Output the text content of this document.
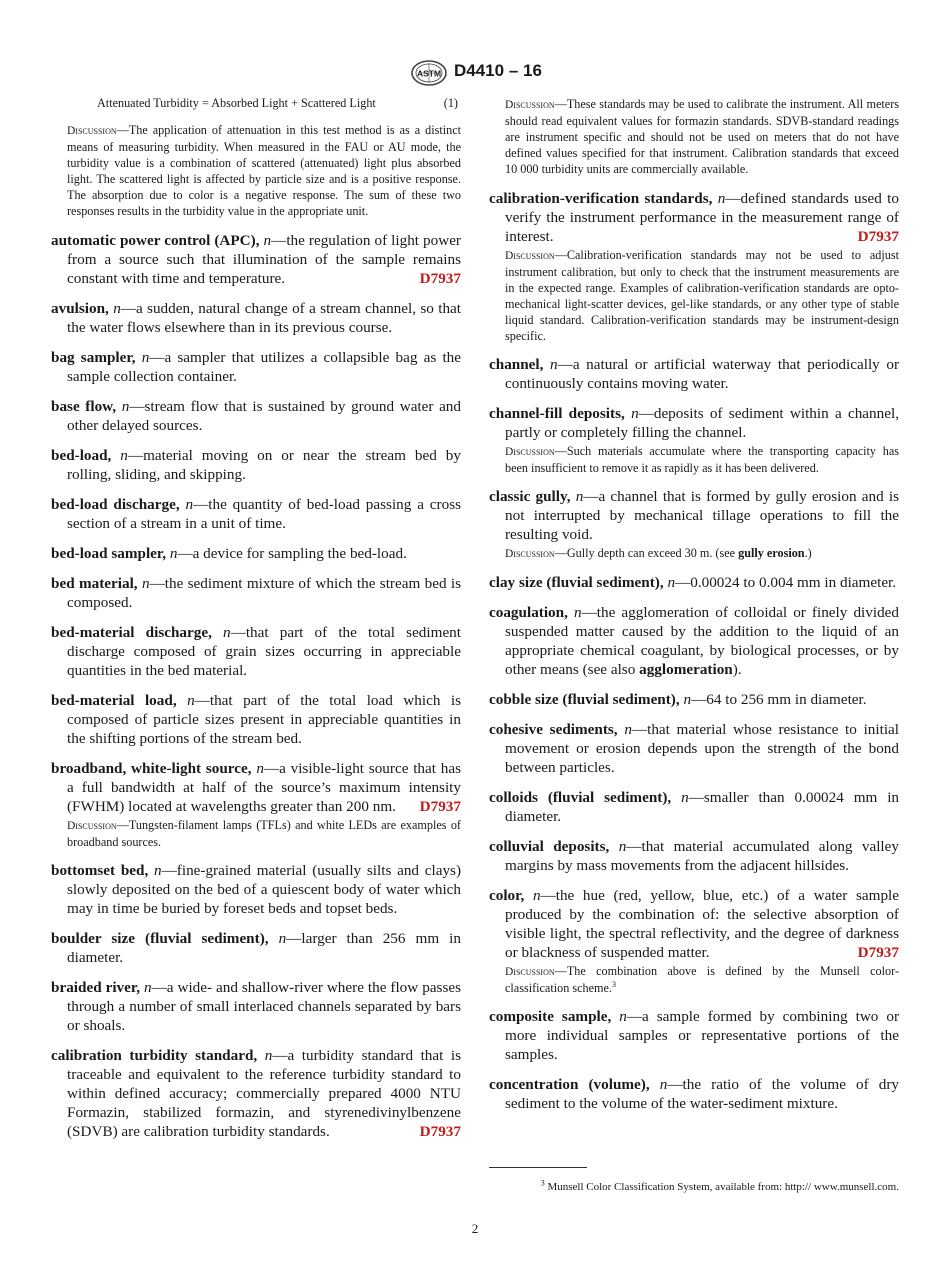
ASTM D4410 – 16
Attenuated Turbidity = Absorbed Light + Scattered Light	(1)
Discussion—The application of attenuation in this test method is as a distinct means of measuring turbidity. When measured in the FAU or AU mode, the turbidity value is a combination of scattered (attenuated) light plus absorbed light. The scattered light is affected by particle size and is a positive response. The absorption due to color is a negative response. The sum of these two responses results in the turbidity value in the appropriate unit.
automatic power control (APC), n—the regulation of light power from a source such that illumination of the sample remains constant with time and temperature.	D7937
avulsion, n—a sudden, natural change of a stream channel, so that the water flows elsewhere than in its previous course.
bag sampler, n—a sampler that utilizes a collapsible bag as the sample collection container.
base flow, n—stream flow that is sustained by ground water and other delayed sources.
bed-load, n—material moving on or near the stream bed by rolling, sliding, and skipping.
bed-load discharge, n—the quantity of bed-load passing a cross section of a stream in a unit of time.
bed-load sampler, n—a device for sampling the bed-load.
bed material, n—the sediment mixture of which the stream bed is composed.
bed-material discharge, n—that part of the total sediment discharge composed of grain sizes occurring in appreciable quantities in the bed material.
bed-material load, n—that part of the total load which is composed of particle sizes present in appreciable quantities in the shifting portions of the stream bed.
broadband, white-light source, n—a visible-light source that has a full bandwidth at half of the source’s maximum intensity (FWHM) located at wavelengths greater than 200 nm. D7937
Discussion—Tungsten-filament lamps (TFLs) and white LEDs are examples of broadband sources.
bottomset bed, n—fine-grained material (usually silts and clays) slowly deposited on the bed of a quiescent body of water which may in time be buried by foreset beds and topset beds.
boulder size (fluvial sediment), n—larger than 256 mm in diameter.
braided river, n—a wide- and shallow-river where the flow passes through a number of small interlaced channels separated by bars or shoals.
calibration turbidity standard, n—a turbidity standard that is traceable and equivalent to the reference turbidity standard to within defined accuracy; commercially prepared 4000 NTU Formazin, stabilized formazin, and styrenedivinylbenzene (SDVB) are calibration turbidity standards.	D7937
Discussion—These standards may be used to calibrate the instrument. All meters should read equivalent values for formazin standards. SDVB-standard readings are instrument specific and should not be used on meters that do not have defined values specified for that instrument. Calibration standards that exceed 10 000 turbidity units are commercially available.
calibration-verification standards, n—defined standards used to verify the instrument performance in the measurement range of interest.	D7937
Discussion—Calibration-verification standards may not be used to adjust instrument calibration, but only to check that the instrument measurements are in the expected range. Examples of calibration-verification standards are opto-mechanical light-scatter devices, gel-like standards, or any other type of stable liquid standard. Calibration-verification standards may be instrument-design specific.
channel, n—a natural or artificial waterway that periodically or continuously contains moving water.
channel-fill deposits, n—deposits of sediment within a channel, partly or completely filling the channel.
Discussion—Such materials accumulate where the transporting capacity has been insufficient to remove it as rapidly as it has been delivered.
classic gully, n—a channel that is formed by gully erosion and is not interrupted by mechanical tillage operations to fill the resulting void.
Discussion—Gully depth can exceed 30 m. (see gully erosion.)
clay size (fluvial sediment), n—0.00024 to 0.004 mm in diameter.
coagulation, n—the agglomeration of colloidal or finely divided suspended matter caused by the addition to the liquid of an appropriate chemical coagulant, by biological processes, or by other means (see also agglomeration).
cobble size (fluvial sediment), n—64 to 256 mm in diameter.
cohesive sediments, n—that material whose resistance to initial movement or erosion depends upon the strength of the bond between particles.
colloids (fluvial sediment), n—smaller than 0.00024 mm in diameter.
colluvial deposits, n—that material accumulated along valley margins by mass movements from the adjacent hillsides.
color, n—the hue (red, yellow, blue, etc.) of a water sample produced by the combination of: the selective absorption of visible light, the spectral reflectivity, and the degree of darkness or blackness of suspended matter.	D7937
Discussion—The combination above is defined by the Munsell color-classification scheme.$^3$
composite sample, n—a sample formed by combining two or more individual samples or representative portions of the samples.
concentration (volume), n—the ratio of the volume of dry sediment to the volume of the water-sediment mixture.
$^3$ Munsell Color Classification System, available from: http:// www.munsell.com.
2
